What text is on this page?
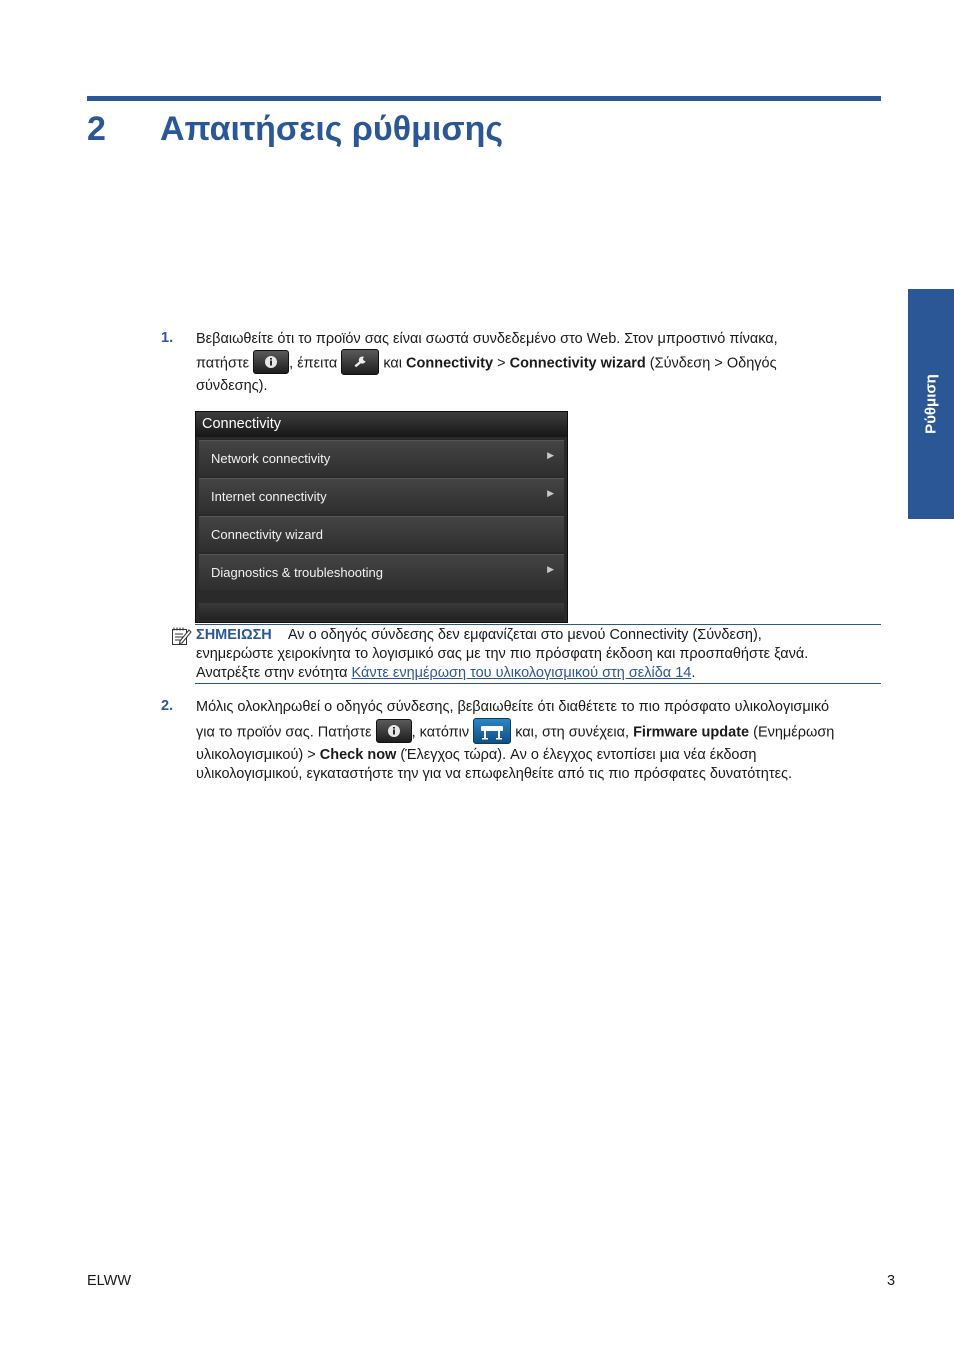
2 Απαιτήσεις ρύθμισης
Ρύθμιση
1. Βεβαιωθείτε ότι το προϊόν σας είναι σωστά συνδεδεμένο στο Web. Στον μπροστινό πίνακα,
πατήστε , έπειτα	και Connectivity > Connectivity wizard (Σύνδεση > Οδηγός
σύνδεσης).
Connectivity
Network connectivity	▶
Internet connectivity	▶
Connectivity wizard
Diagnostics & troubleshooting	▶
ΣΗΜΕΙΩΣΗ Αν ο οδηγός σύνδεσης δεν εμφανίζεται στο μενού Connectivity (Σύνδεση),
ενημερώστε χειροκίνητα το λογισμικό σας με την πιο πρόσφατη έκδοση και προσπαθήστε ξανά.
Ανατρέξτε στην ενότητα Κάντε ενημέρωση του υλικολογισμικού στη σελίδα 14.
2. Μόλις ολοκληρωθεί ο οδηγός σύνδεσης, βεβαιωθείτε ότι διαθέτετε το πιο πρόσφατο υλικολογισμικό
για το προϊόν σας. Πατήστε , κατόπιν	και, στη συνέχεια, Firmware update (Ενημέρωση
υλικολογισμικού) > Check now (Έλεγχος τώρα). Αν ο έλεγχος εντοπίσει μια νέα έκδοση
υλικολογισμικού, εγκαταστήστε την για να επωφεληθείτε από τις πιο πρόσφατες δυνατότητες.
ELWW	3
